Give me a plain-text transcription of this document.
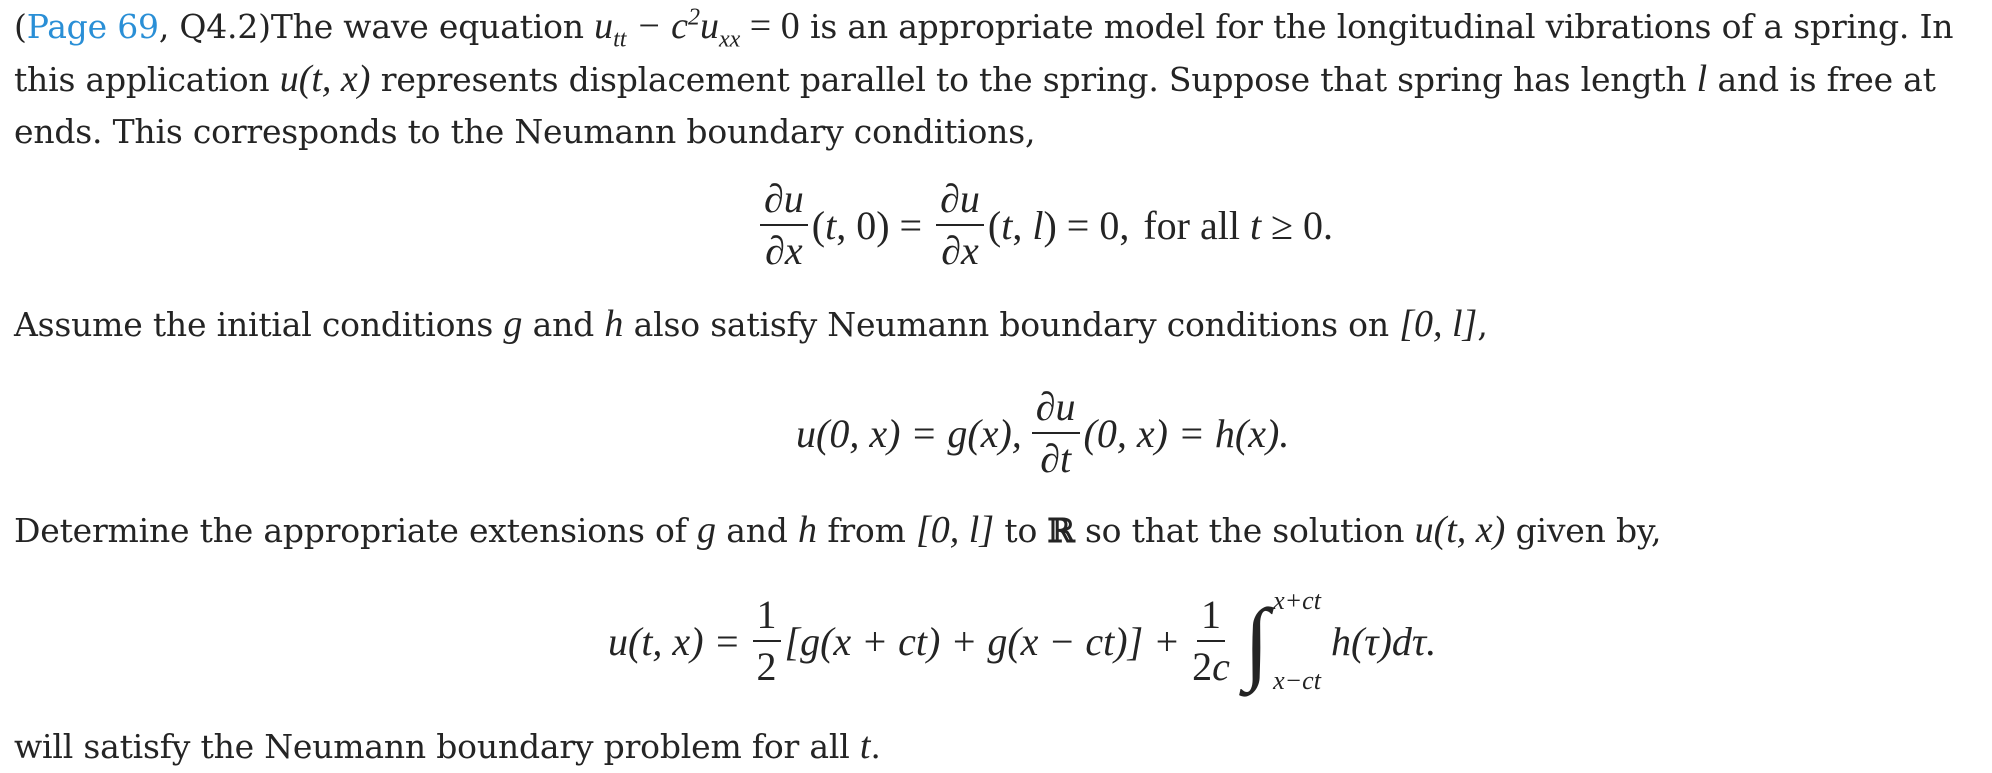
(Page 69, Q4.2)The wave equation $u_{tt} - c^2u_{xx} = 0$ is an appropriate model for the longitudinal vibrations of a spring. In this application u(t, x) represents displacement parallel to the spring. Suppose that spring has length l and is free at ends. This corresponds to the Neumann boundary conditions,
$\frac{\partial u}{\partial x} (t$, $0) = \frac{\partial u}{\partial x} (t$, l) = 0, for all t ≥ 0.
Assume the initial conditions g and h also satisfy Neumann boundary conditions on [0, l],
u(0, x) = g(x), $\frac{\partial u}{\partial t} (0$, x) = h(x).
Determine the appropriate extensions of g and h from [0, l] to ℝ so that the solution u(t, x) given by,
u(t, $x) = \frac{1}{2} [g(x + ct) + g(x - ct)] + \frac{1}{2c}$ ∫ x+ct
x−ct
h(τ)dτ.
will satisfy the Neumann boundary problem for all t.
